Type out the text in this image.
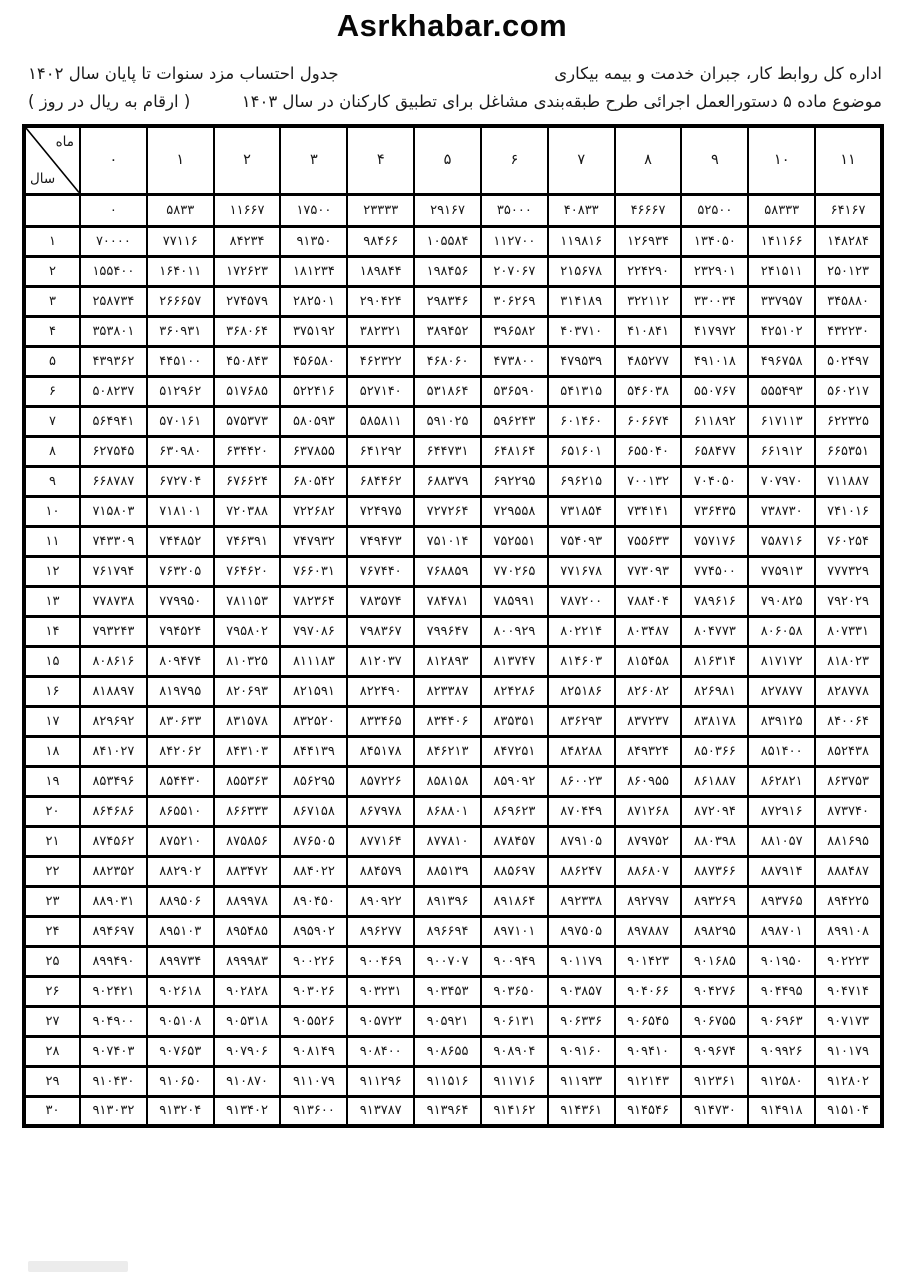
Asrkhabar.com
اداره کل روابط کار، جبران خدمت و بیمه بیکاری
جدول احتساب مزد سنوات تا پایان سال ۱۴۰۲
موضوع ماده ۵ دستورالعمل اجرائی طرح طبقه‌بندی مشاغل برای تطبیق کارکنان در سال ۱۴۰۳
( ارقام به ریال در روز )
ماه
سال	۰	۱	۲	۳	۴	۵	۶	۷	۸	۹	۱۰	۱۱
	۰	۵۸۳۳	۱۱۶۶۷	۱۷۵۰۰	۲۳۳۳۳	۲۹۱۶۷	۳۵۰۰۰	۴۰۸۳۳	۴۶۶۶۷	۵۲۵۰۰	۵۸۳۳۳	۶۴۱۶۷
۱	۷۰۰۰۰	۷۷۱۱۶	۸۴۲۳۴	۹۱۳۵۰	۹۸۴۶۶	۱۰۵۵۸۴	۱۱۲۷۰۰	۱۱۹۸۱۶	۱۲۶۹۳۴	۱۳۴۰۵۰	۱۴۱۱۶۶	۱۴۸۲۸۴
۲	۱۵۵۴۰۰	۱۶۴۰۱۱	۱۷۲۶۲۳	۱۸۱۲۳۴	۱۸۹۸۴۴	۱۹۸۴۵۶	۲۰۷۰۶۷	۲۱۵۶۷۸	۲۲۴۲۹۰	۲۳۲۹۰۱	۲۴۱۵۱۱	۲۵۰۱۲۳
۳	۲۵۸۷۳۴	۲۶۶۶۵۷	۲۷۴۵۷۹	۲۸۲۵۰۱	۲۹۰۴۲۴	۲۹۸۳۴۶	۳۰۶۲۶۹	۳۱۴۱۸۹	۳۲۲۱۱۲	۳۳۰۰۳۴	۳۳۷۹۵۷	۳۴۵۸۸۰
۴	۳۵۳۸۰۱	۳۶۰۹۳۱	۳۶۸۰۶۴	۳۷۵۱۹۲	۳۸۲۳۲۱	۳۸۹۴۵۲	۳۹۶۵۸۲	۴۰۳۷۱۰	۴۱۰۸۴۱	۴۱۷۹۷۲	۴۲۵۱۰۲	۴۳۲۲۳۰
۵	۴۳۹۳۶۲	۴۴۵۱۰۰	۴۵۰۸۴۳	۴۵۶۵۸۰	۴۶۲۳۲۲	۴۶۸۰۶۰	۴۷۳۸۰۰	۴۷۹۵۳۹	۴۸۵۲۷۷	۴۹۱۰۱۸	۴۹۶۷۵۸	۵۰۲۴۹۷
۶	۵۰۸۲۳۷	۵۱۲۹۶۲	۵۱۷۶۸۵	۵۲۲۴۱۶	۵۲۷۱۴۰	۵۳۱۸۶۴	۵۳۶۵۹۰	۵۴۱۳۱۵	۵۴۶۰۳۸	۵۵۰۷۶۷	۵۵۵۴۹۳	۵۶۰۲۱۷
۷	۵۶۴۹۴۱	۵۷۰۱۶۱	۵۷۵۳۷۳	۵۸۰۵۹۳	۵۸۵۸۱۱	۵۹۱۰۲۵	۵۹۶۲۴۳	۶۰۱۴۶۰	۶۰۶۶۷۴	۶۱۱۸۹۲	۶۱۷۱۱۳	۶۲۲۳۲۵
۸	۶۲۷۵۴۵	۶۳۰۹۸۰	۶۳۴۴۲۰	۶۳۷۸۵۵	۶۴۱۲۹۲	۶۴۴۷۳۱	۶۴۸۱۶۴	۶۵۱۶۰۱	۶۵۵۰۴۰	۶۵۸۴۷۷	۶۶۱۹۱۲	۶۶۵۳۵۱
۹	۶۶۸۷۸۷	۶۷۲۷۰۴	۶۷۶۶۲۴	۶۸۰۵۴۲	۶۸۴۴۶۲	۶۸۸۳۷۹	۶۹۲۲۹۵	۶۹۶۲۱۵	۷۰۰۱۳۲	۷۰۴۰۵۰	۷۰۷۹۷۰	۷۱۱۸۸۷
۱۰	۷۱۵۸۰۳	۷۱۸۱۰۱	۷۲۰۳۸۸	۷۲۲۶۸۲	۷۲۴۹۷۵	۷۲۷۲۶۴	۷۲۹۵۵۸	۷۳۱۸۵۴	۷۳۴۱۴۱	۷۳۶۴۳۵	۷۳۸۷۳۰	۷۴۱۰۱۶
۱۱	۷۴۳۳۰۹	۷۴۴۸۵۲	۷۴۶۳۹۱	۷۴۷۹۳۲	۷۴۹۴۷۳	۷۵۱۰۱۴	۷۵۲۵۵۱	۷۵۴۰۹۳	۷۵۵۶۳۳	۷۵۷۱۷۶	۷۵۸۷۱۶	۷۶۰۲۵۴
۱۲	۷۶۱۷۹۴	۷۶۳۲۰۵	۷۶۴۶۲۰	۷۶۶۰۳۱	۷۶۷۴۴۰	۷۶۸۸۵۹	۷۷۰۲۶۵	۷۷۱۶۷۸	۷۷۳۰۹۳	۷۷۴۵۰۰	۷۷۵۹۱۳	۷۷۷۳۲۹
۱۳	۷۷۸۷۳۸	۷۷۹۹۵۰	۷۸۱۱۵۳	۷۸۲۳۶۴	۷۸۳۵۷۴	۷۸۴۷۸۱	۷۸۵۹۹۱	۷۸۷۲۰۰	۷۸۸۴۰۴	۷۸۹۶۱۶	۷۹۰۸۲۵	۷۹۲۰۲۹
۱۴	۷۹۳۲۴۳	۷۹۴۵۲۴	۷۹۵۸۰۲	۷۹۷۰۸۶	۷۹۸۳۶۷	۷۹۹۶۴۷	۸۰۰۹۲۹	۸۰۲۲۱۴	۸۰۳۴۸۷	۸۰۴۷۷۳	۸۰۶۰۵۸	۸۰۷۳۳۱
۱۵	۸۰۸۶۱۶	۸۰۹۴۷۴	۸۱۰۳۲۵	۸۱۱۱۸۳	۸۱۲۰۳۷	۸۱۲۸۹۳	۸۱۳۷۴۷	۸۱۴۶۰۳	۸۱۵۴۵۸	۸۱۶۳۱۴	۸۱۷۱۷۲	۸۱۸۰۲۳
۱۶	۸۱۸۸۹۷	۸۱۹۷۹۵	۸۲۰۶۹۳	۸۲۱۵۹۱	۸۲۲۴۹۰	۸۲۳۳۸۷	۸۲۴۲۸۶	۸۲۵۱۸۶	۸۲۶۰۸۲	۸۲۶۹۸۱	۸۲۷۸۷۷	۸۲۸۷۷۸
۱۷	۸۲۹۶۹۲	۸۳۰۶۳۳	۸۳۱۵۷۸	۸۳۲۵۲۰	۸۳۳۴۶۵	۸۳۴۴۰۶	۸۳۵۳۵۱	۸۳۶۲۹۳	۸۳۷۲۳۷	۸۳۸۱۷۸	۸۳۹۱۲۵	۸۴۰۰۶۴
۱۸	۸۴۱۰۲۷	۸۴۲۰۶۲	۸۴۳۱۰۳	۸۴۴۱۳۹	۸۴۵۱۷۸	۸۴۶۲۱۳	۸۴۷۲۵۱	۸۴۸۲۸۸	۸۴۹۳۲۴	۸۵۰۳۶۶	۸۵۱۴۰۰	۸۵۲۴۳۸
۱۹	۸۵۳۴۹۶	۸۵۴۴۳۰	۸۵۵۳۶۳	۸۵۶۲۹۵	۸۵۷۲۲۶	۸۵۸۱۵۸	۸۵۹۰۹۲	۸۶۰۰۲۳	۸۶۰۹۵۵	۸۶۱۸۸۷	۸۶۲۸۲۱	۸۶۳۷۵۳
۲۰	۸۶۴۶۸۶	۸۶۵۵۱۰	۸۶۶۳۳۳	۸۶۷۱۵۸	۸۶۷۹۷۸	۸۶۸۸۰۱	۸۶۹۶۲۳	۸۷۰۴۴۹	۸۷۱۲۶۸	۸۷۲۰۹۴	۸۷۲۹۱۶	۸۷۳۷۴۰
۲۱	۸۷۴۵۶۲	۸۷۵۲۱۰	۸۷۵۸۵۶	۸۷۶۵۰۵	۸۷۷۱۶۴	۸۷۷۸۱۰	۸۷۸۴۵۷	۸۷۹۱۰۵	۸۷۹۷۵۲	۸۸۰۳۹۸	۸۸۱۰۵۷	۸۸۱۶۹۵
۲۲	۸۸۲۳۵۲	۸۸۲۹۰۲	۸۸۳۴۷۲	۸۸۴۰۲۲	۸۸۴۵۷۹	۸۸۵۱۳۹	۸۸۵۶۹۷	۸۸۶۲۴۷	۸۸۶۸۰۷	۸۸۷۳۶۶	۸۸۷۹۱۴	۸۸۸۴۸۷
۲۳	۸۸۹۰۳۱	۸۸۹۵۰۶	۸۸۹۹۷۸	۸۹۰۴۵۰	۸۹۰۹۲۲	۸۹۱۳۹۶	۸۹۱۸۶۴	۸۹۲۳۳۸	۸۹۲۷۹۷	۸۹۳۲۶۹	۸۹۳۷۶۵	۸۹۴۲۲۵
۲۴	۸۹۴۶۹۷	۸۹۵۱۰۳	۸۹۵۴۸۵	۸۹۵۹۰۲	۸۹۶۲۷۷	۸۹۶۶۹۴	۸۹۷۱۰۱	۸۹۷۵۰۵	۸۹۷۸۸۷	۸۹۸۲۹۵	۸۹۸۷۰۱	۸۹۹۱۰۸
۲۵	۸۹۹۴۹۰	۸۹۹۷۳۴	۸۹۹۹۸۳	۹۰۰۲۲۶	۹۰۰۴۶۹	۹۰۰۷۰۷	۹۰۰۹۴۹	۹۰۱۱۷۹	۹۰۱۴۲۳	۹۰۱۶۸۵	۹۰۱۹۵۰	۹۰۲۲۲۳
۲۶	۹۰۲۴۲۱	۹۰۲۶۱۸	۹۰۲۸۲۸	۹۰۳۰۲۶	۹۰۳۲۳۱	۹۰۳۴۵۳	۹۰۳۶۵۰	۹۰۳۸۵۷	۹۰۴۰۶۶	۹۰۴۲۷۶	۹۰۴۴۹۵	۹۰۴۷۱۴
۲۷	۹۰۴۹۰۰	۹۰۵۱۰۸	۹۰۵۳۱۸	۹۰۵۵۲۶	۹۰۵۷۲۳	۹۰۵۹۲۱	۹۰۶۱۳۱	۹۰۶۳۳۶	۹۰۶۵۴۵	۹۰۶۷۵۵	۹۰۶۹۶۳	۹۰۷۱۷۳
۲۸	۹۰۷۴۰۳	۹۰۷۶۵۳	۹۰۷۹۰۶	۹۰۸۱۴۹	۹۰۸۴۰۰	۹۰۸۶۵۵	۹۰۸۹۰۴	۹۰۹۱۶۰	۹۰۹۴۱۰	۹۰۹۶۷۴	۹۰۹۹۲۶	۹۱۰۱۷۹
۲۹	۹۱۰۴۳۰	۹۱۰۶۵۰	۹۱۰۸۷۰	۹۱۱۰۷۹	۹۱۱۲۹۶	۹۱۱۵۱۶	۹۱۱۷۱۶	۹۱۱۹۳۳	۹۱۲۱۴۳	۹۱۲۳۶۱	۹۱۲۵۸۰	۹۱۲۸۰۲
۳۰	۹۱۳۰۳۲	۹۱۳۲۰۴	۹۱۳۴۰۲	۹۱۳۶۰۰	۹۱۳۷۸۷	۹۱۳۹۶۴	۹۱۴۱۶۲	۹۱۴۳۶۱	۹۱۴۵۴۶	۹۱۴۷۳۰	۹۱۴۹۱۸	۹۱۵۱۰۴
